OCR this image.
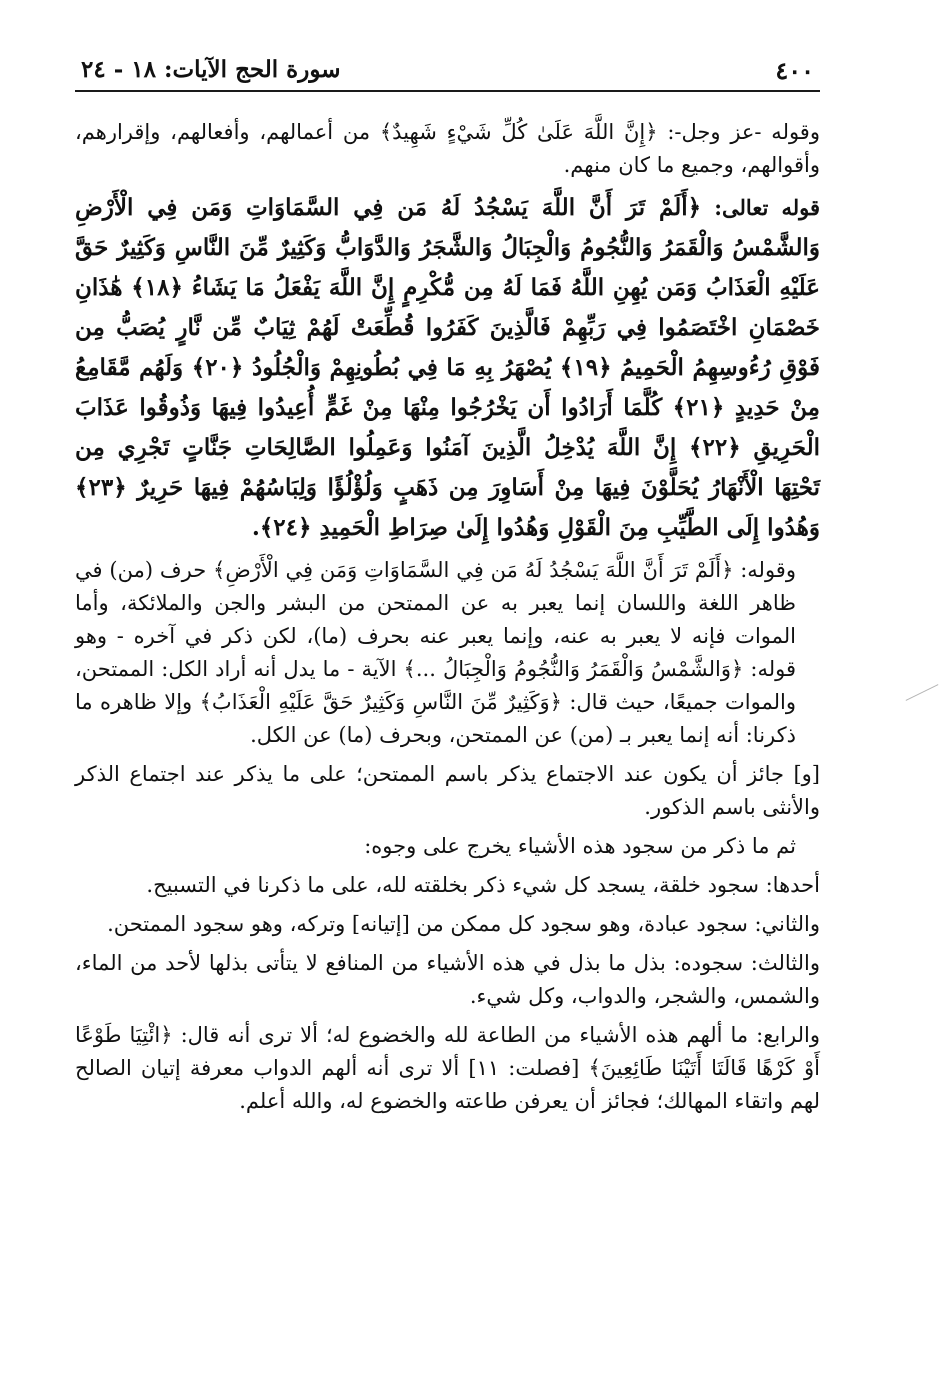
٤٠٠
سورة الحج الآيات: ١٨ - ٢٤

وقوله -عز وجل-: ﴿إِنَّ اللَّهَ عَلَىٰ كُلِّ شَيْءٍ شَهِيدٌ﴾ من أعمالهم، وأفعالهم، وإقرارهم، وأقوالهم، وجميع ما كان منهم.

قوله تعالى: ﴿أَلَمْ تَرَ أَنَّ اللَّهَ يَسْجُدُ لَهُ مَن فِي السَّمَاوَاتِ وَمَن فِي الْأَرْضِ وَالشَّمْسُ وَالْقَمَرُ وَالنُّجُومُ وَالْجِبَالُ وَالشَّجَرُ وَالدَّوَابُّ وَكَثِيرٌ مِّنَ النَّاسِ وَكَثِيرٌ حَقَّ عَلَيْهِ الْعَذَابُ وَمَن يُهِنِ اللَّهُ فَمَا لَهُ مِن مُّكْرِمٍ إِنَّ اللَّهَ يَفْعَلُ مَا يَشَاءُ ﴿١٨﴾ هَٰذَانِ خَصْمَانِ اخْتَصَمُوا فِي رَبِّهِمْ فَالَّذِينَ كَفَرُوا قُطِّعَتْ لَهُمْ ثِيَابٌ مِّن نَّارٍ يُصَبُّ مِن فَوْقِ رُءُوسِهِمُ الْحَمِيمُ ﴿١٩﴾ يُصْهَرُ بِهِ مَا فِي بُطُونِهِمْ وَالْجُلُودُ ﴿٢٠﴾ وَلَهُم مَّقَامِعُ مِنْ حَدِيدٍ ﴿٢١﴾ كُلَّمَا أَرَادُوا أَن يَخْرُجُوا مِنْهَا مِنْ غَمٍّ أُعِيدُوا فِيهَا وَذُوقُوا عَذَابَ الْحَرِيقِ ﴿٢٢﴾ إِنَّ اللَّهَ يُدْخِلُ الَّذِينَ آمَنُوا وَعَمِلُوا الصَّالِحَاتِ جَنَّاتٍ تَجْرِي مِن تَحْتِهَا الْأَنْهَارُ يُحَلَّوْنَ فِيهَا مِنْ أَسَاوِرَ مِن ذَهَبٍ وَلُؤْلُؤًا وَلِبَاسُهُمْ فِيهَا حَرِيرٌ ﴿٢٣﴾ وَهُدُوا إِلَى الطَّيِّبِ مِنَ الْقَوْلِ وَهُدُوا إِلَىٰ صِرَاطِ الْحَمِيدِ ﴿٢٤﴾.

وقوله: ﴿أَلَمْ تَرَ أَنَّ اللَّهَ يَسْجُدُ لَهُ مَن فِي السَّمَاوَاتِ وَمَن فِي الْأَرْضِ﴾ حرف (من) في ظاهر اللغة واللسان إنما يعبر به عن الممتحن من البشر والجن والملائكة، وأما الموات فإنه لا يعبر به عنه، وإنما يعبر عنه بحرف (ما)، لكن ذكر في آخره - وهو قوله: ﴿وَالشَّمْسُ وَالْقَمَرُ وَالنُّجُومُ وَالْجِبَالُ ...﴾ الآية - ما يدل أنه أراد الكل: الممتحن، والموات جميعًا، حيث قال: ﴿وَكَثِيرٌ مِّنَ النَّاسِ وَكَثِيرٌ حَقَّ عَلَيْهِ الْعَذَابُ﴾ وإلا ظاهره ما ذكرنا: أنه إنما يعبر بـ (من) عن الممتحن، وبحرف (ما) عن الكل.

[و] جائز أن يكون عند الاجتماع يذكر باسم الممتحن؛ على ما يذكر عند اجتماع الذكر والأنثى باسم الذكور.

ثم ما ذكر من سجود هذه الأشياء يخرج على وجوه:

أحدها: سجود خلقة، يسجد كل شيء ذكر بخلقته لله، على ما ذكرنا في التسبيح.

والثاني: سجود عبادة، وهو سجود كل ممكن من [إتيانه] وتركه، وهو سجود الممتحن.

والثالث: سجوده: بذل ما بذل في هذه الأشياء من المنافع لا يتأتى بذلها لأحد من الماء، والشمس، والشجر، والدواب، وكل شيء.

والرابع: ما ألهم هذه الأشياء من الطاعة لله والخضوع له؛ ألا ترى أنه قال: ﴿ائْتِيَا طَوْعًا أَوْ كَرْهًا قَالَتَا أَتَيْنَا طَائِعِينَ﴾ [فصلت: ١١] ألا ترى أنه ألهم الدواب معرفة إتيان الصالح لهم واتقاء المهالك؛ فجائز أن يعرفن طاعته والخضوع له، والله أعلم.
